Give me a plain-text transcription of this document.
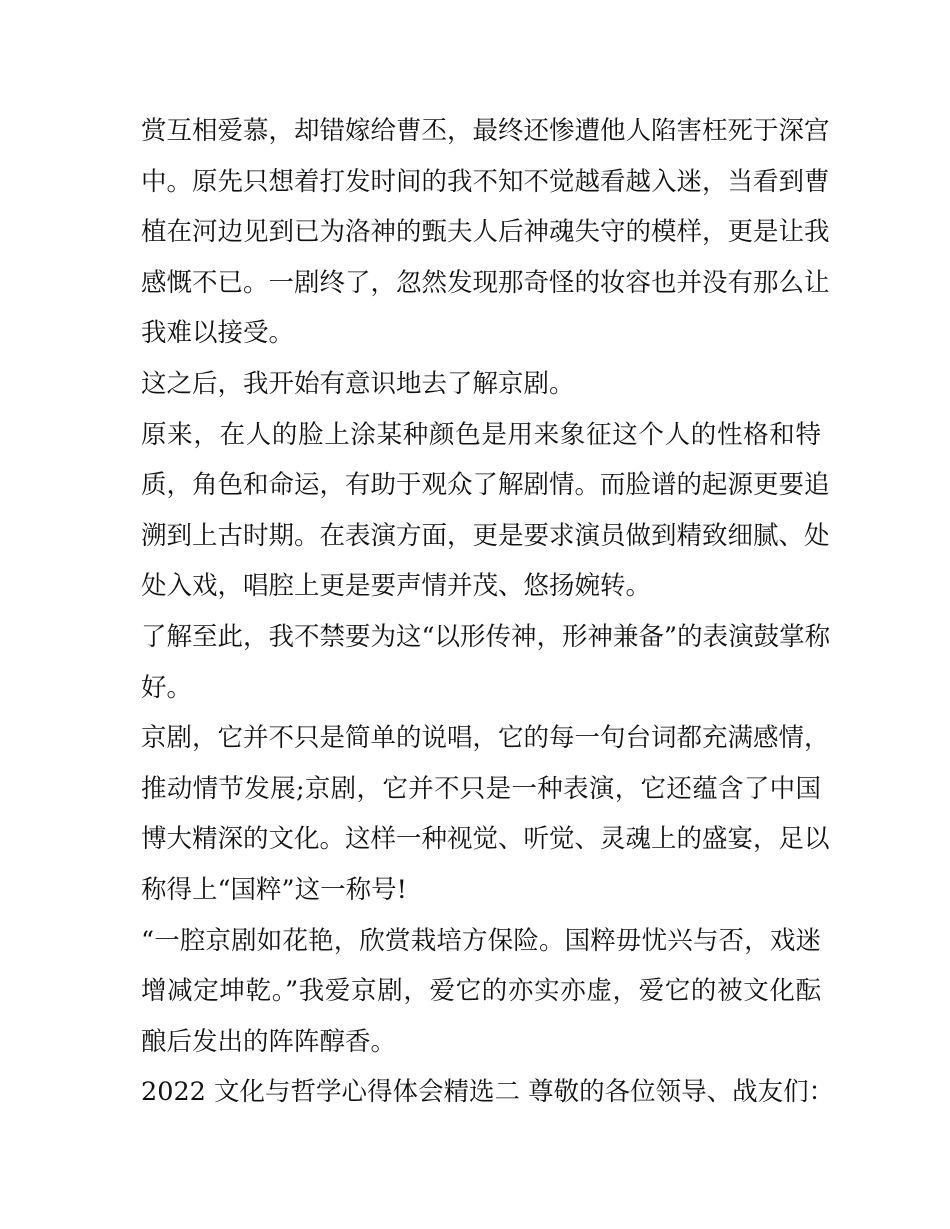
赏互相爱慕，却错嫁给曹丕，最终还惨遭他人陷害枉死于深宫
中。原先只想着打发时间的我不知不觉越看越入迷，当看到曹
植在河边见到已为洛神的甄夫人后神魂失守的模样，更是让我
感慨不已。一剧终了，忽然发现那奇怪的妆容也并没有那么让
我难以接受。

这之后，我开始有意识地去了解京剧。

原来，在人的脸上涂某种颜色是用来象征这个人的性格和特
质，角色和命运，有助于观众了解剧情。而脸谱的起源更要追
溯到上古时期。在表演方面，更是要求演员做到精致细腻、处
处入戏，唱腔上更是要声情并茂、悠扬婉转。

了解至此，我不禁要为这“以形传神，形神兼备”的表演鼓掌称
好。

京剧，它并不只是简单的说唱，它的每一句台词都充满感情，
推动情节发展;京剧，它并不只是一种表演，它还蕴含了中国
博大精深的文化。这样一种视觉、听觉、灵魂上的盛宴，足以
称得上“国粹”这一称号!

“一腔京剧如花艳，欣赏栽培方保险。国粹毋忧兴与否，戏迷
增减定坤乾。”我爱京剧，爱它的亦实亦虚，爱它的被文化酝
酿后发出的阵阵醇香。

2022 文化与哲学心得体会精选二 尊敬的各位领导、战友们：
